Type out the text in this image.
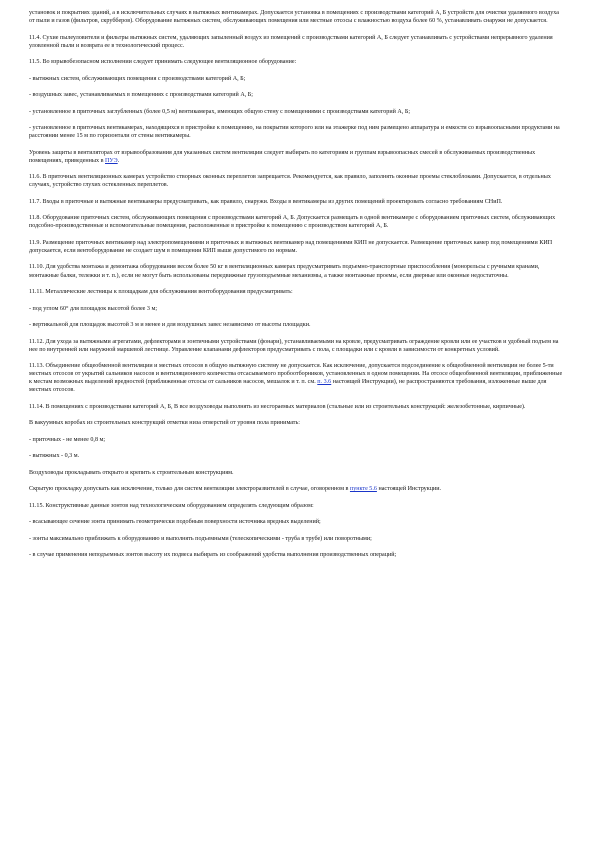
установок и покрытиях зданий, а в исключительных случаях в вытяжных вентикамерах. Допускается установка в помещениях с производствами категорий А, Б устройств для очистки удаляемого воздуха от пыли и газов (фильтров, скрубберов). Оборудование вытяжных систем, обслуживающих помещения или местные отсосы с влажностью воздуха более 60 %, устанавливать снаружи не допускается.

11.4. Сухие пылеуловители и фильтры вытяжных систем, удаляющих запыленный воздух из помещений с производствами категорий А, Б следует устанавливать с устройствами непрерывного удаления уловленной пыли и возврата ее в технологический процесс.

11.5. Во взрывобезопасном исполнении следует принимать следующее вентиляционное оборудование:

- вытяжных систем, обслуживающих помещения с производствами категорий А, Б;

- воздушных завес, устанавливаемых в помещениях с производствами категорий А, Б;

- установленное в приточных заглубленных (более 0,5 м) вентикамерах, имеющих общую стену с помещениями с производствами категорий А, Б;

- установленное в приточных вентикамерах, находящихся в пристройке к помещению, на покрытии которого или на этажерке под ним размещено аппаратура и емкости со взрывоопасными продуктами на расстоянии менее 15 м по горизонтали от стены вентикамеры.

Уровень защиты в вентиляторах от взрывообразования для указанных систем вентиляции следует выбирать по категориям и группам взрывоопасных смесей в обслуживаемых производственных помещениях, приведенных в ПУЭ.

11.6. В приточных вентиляционных камерах устройство створных оконных переплетов запрещается. Рекомендуется, как правило, заполнять оконные проемы стеклоблоками. Допускается, в отдельных случаях, устройство глухих остекленных переплетов.

11.7. Входы в приточные и вытяжные вентикамеры предусматривать, как правило, снаружи. Входы в вентикамеры из других помещений проектировать согласно требованиям СНиП.

11.8. Оборудование приточных систем, обслуживающих помещения с производствами категорий А, Б. Допускается размещать в одной вентикамере с оборудованием приточных систем, обслуживающих подсобно-производственные и вспомогательные помещения, расположенные в пристройке к помещению с производством категорий А, Б.

11.9. Размещение приточных вентикамер над электропомещениями и приточных и вытяжных вентикамер над помещениями КИП не допускается. Размещение приточных камер под помещениями КИП допускается, если вентоборудование не создает шум в помещении КИП выше допустимого по нормам.

11.10. Для удобства монтажа и демонтажа оборудования весом более 50 кг в вентиляционных камерах предусматривать подъемно-транспортные приспособления (монорельсы с ручными кранами, монтажные балки, тележки и т. п.), если не могут быть использованы передвижные грузоподъемные механизмы, а также монтажные проемы, если дверные или оконные недостаточны.

11.11. Металлические лестницы к площадкам для обслуживания вентоборудования предусматривать:

- под углом 60° для площадок высотой более 3 м;

- вертикальной для площадок высотой 3 м и менее и для воздушных завес независимо от высоты площадки.

11.12. Для ухода за вытяжными агрегатами, дефлекторами и зонтичными устройствами (фонари), устанавливаемыми на кровле, предусматривать ограждение кровли или ее участков и удобный подъем на нее по внутренней или наружной маршевой лестнице. Управление клапанами дефлекторов предусматривать с пола, с площадки или с кровли в зависимости от конкретных условий.

11.13. Объединение общеобменной вентиляции и местных отсосов в общую вытяжную систему не допускается. Как исключение, допускается подсоединение к общеобменной вентиляции не более 5-ти местных отсосов от укрытий сальников насосов и вентиляционного количества отсасываемого пробоотборников, установленных в одном помещении. На отсосе общеобменной вентиляции, приближенные к местам возможных выделений вредностей (приближенные отсосы от сальников насосов, мешалок и т. п. см. п. 3.6 настоящей Инструкции), не распространяются требования, изложенные выше для местных отсосов.

11.14. В помещениях с производствами категорий А, Б, В все воздуховоды выполнять из несгораемых материалов (стальные или из строительных конструкций: железобетонные, кирпичные).

В вакуумных коробах из строительных конструкций отметки низа отверстий от уровня пола принимать:

- приточных - не менее 0,8 м;

- вытяжных - 0,3 м.

Воздуховоды прокладывать открыто и крепить к строительным конструкциям.

Скрытую прокладку допускать как исключение, только для систем вентиляции электроразвителей в случае, оговоренном в пункте 5.6 настоящей Инструкции.

11.15. Конструктивные данные зонтов над технологическим оборудованием определять следующим образом:

- всасывающее сечение зонта принимать геометрически подобным поверхности источника вредных выделений;

- зонты максимально приближать к оборудованию и выполнять подъемными (телескопическими - труба в трубе) или поворотными;

- в случае применения неподъемных зонтов высоту их подвеса выбирать из соображений удобства выполнения производственных операций;
